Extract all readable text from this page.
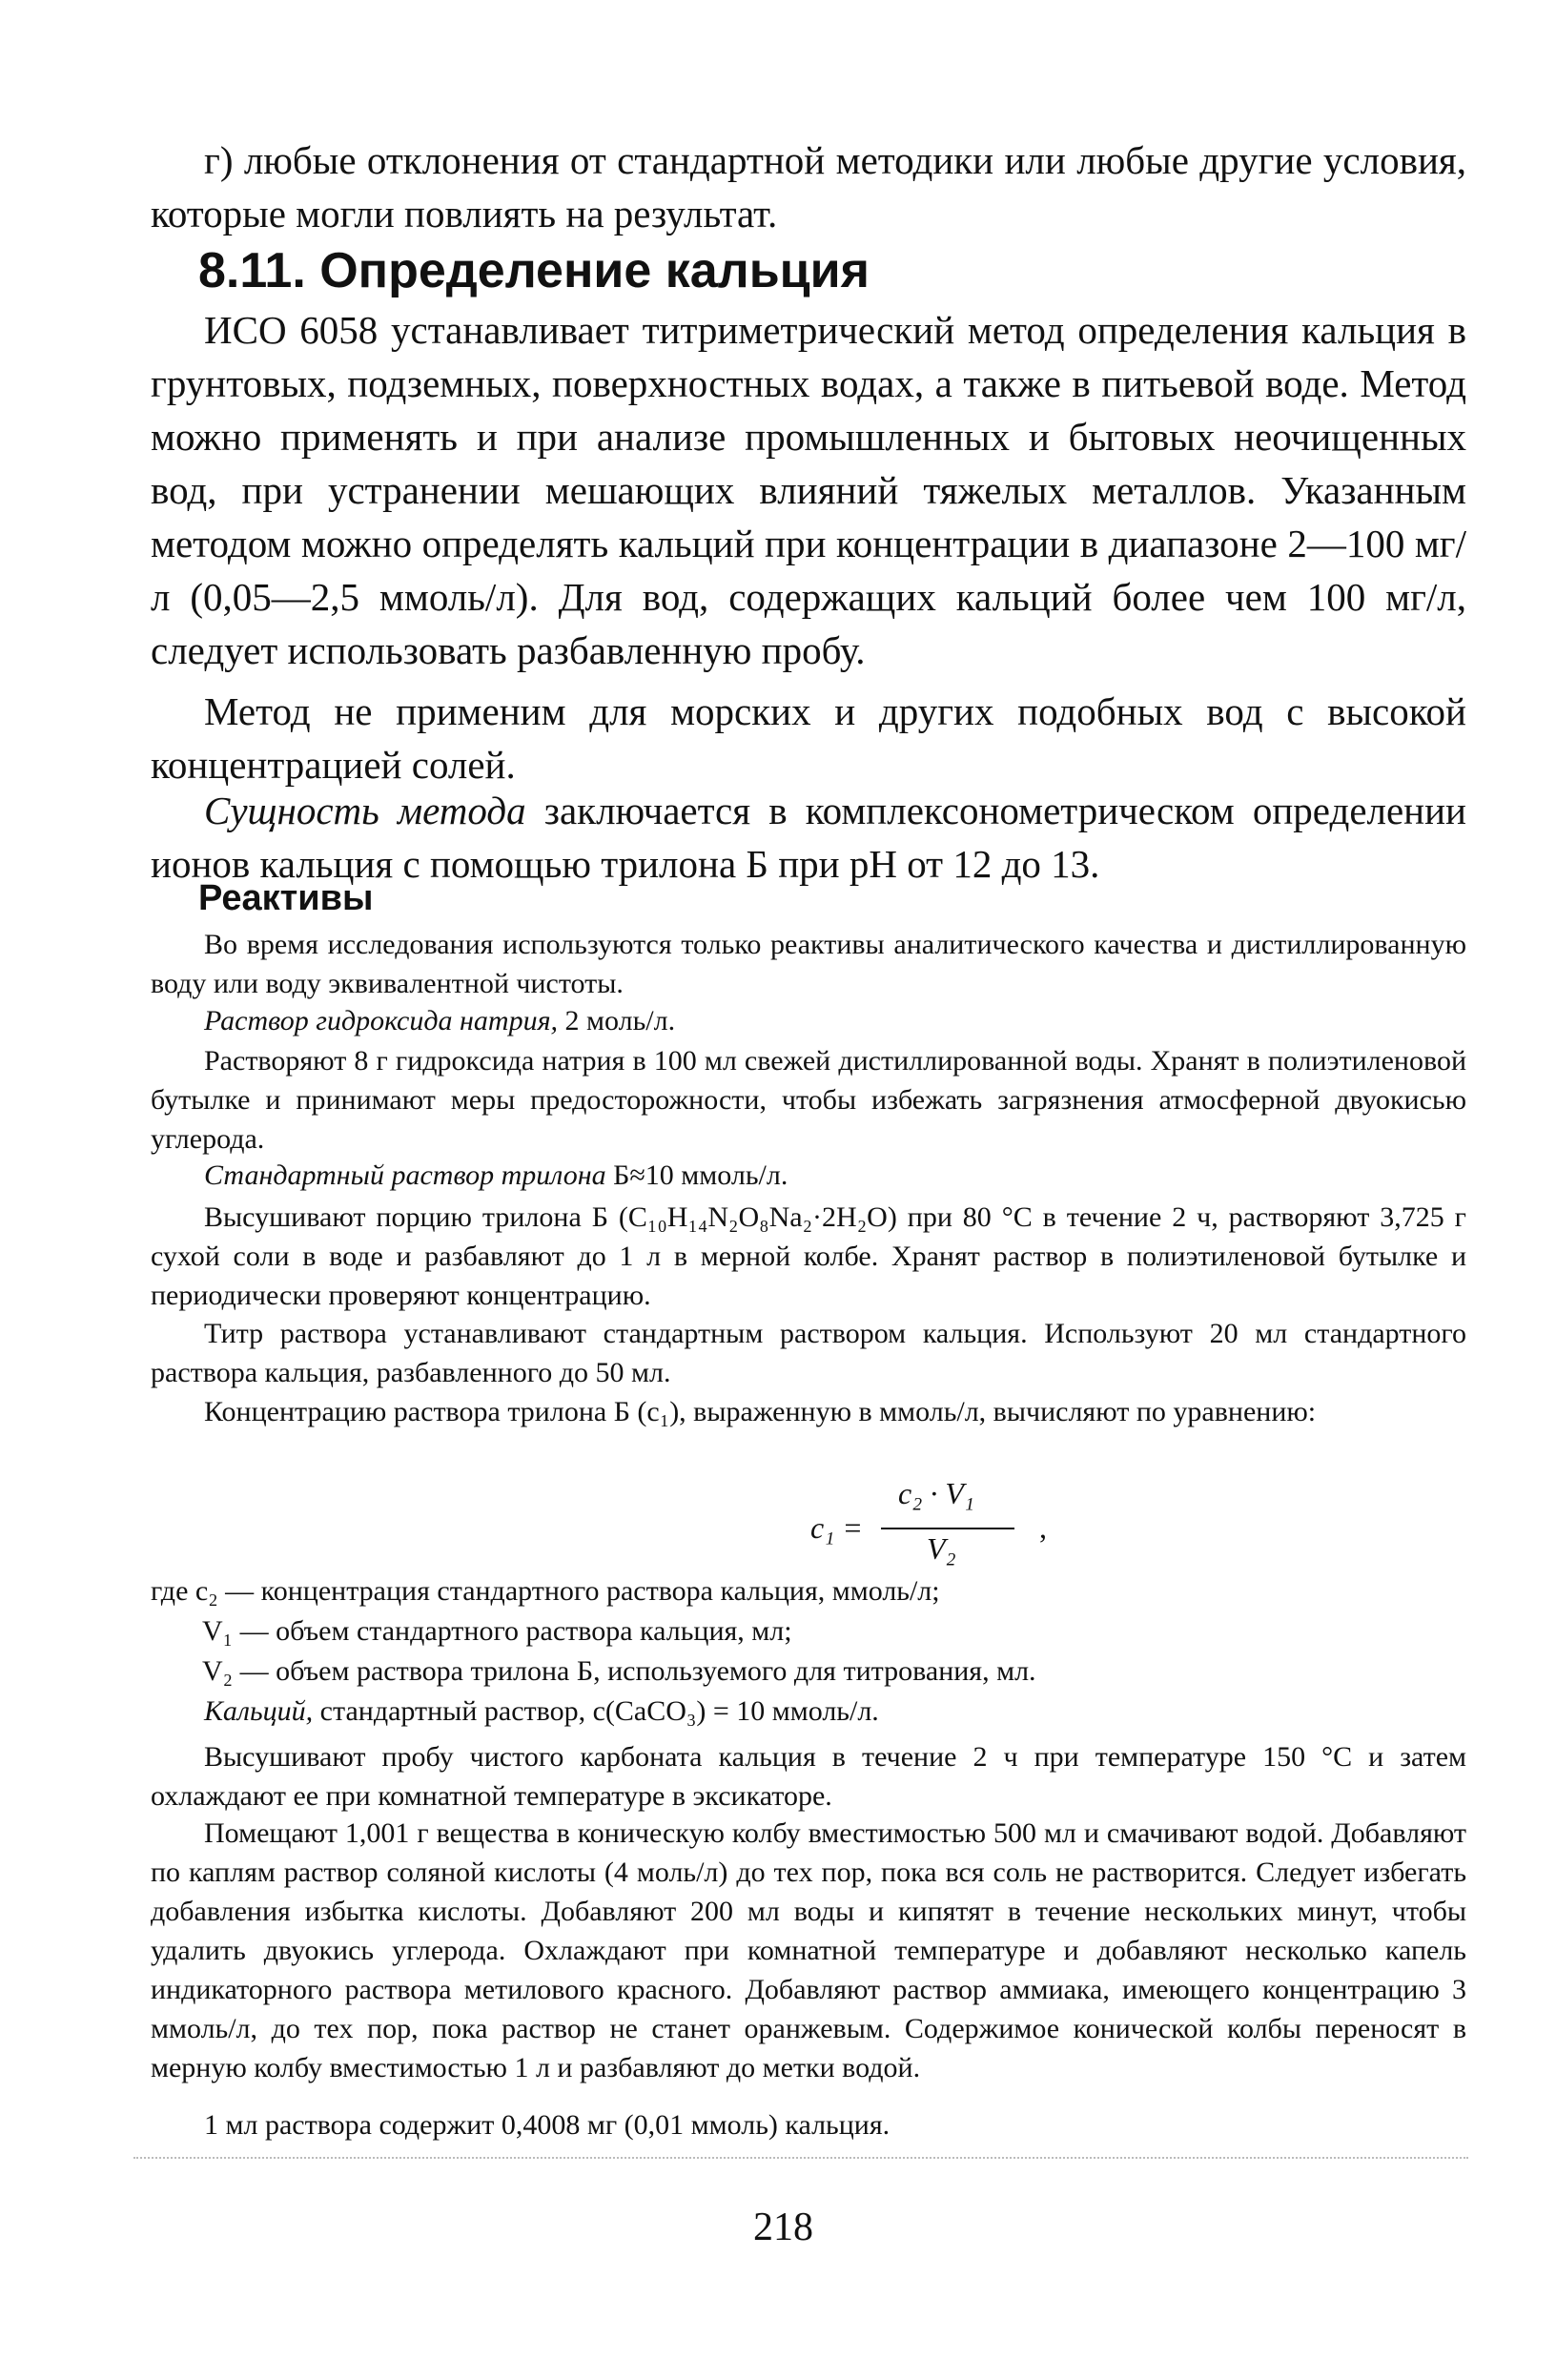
г) любые отклонения от стандартной методики или любые другие условия, которые могли повлиять на результат.

8.11. Определение кальция

ИСО 6058 устанавливает титриметрический метод определения кальция в грунтовых, подземных, поверхностных водах, а также в питьевой воде. Метод можно применять и при анализе промышленных и бытовых неочищенных вод, при устранении мешающих влияний тяжелых металлов. Указанным методом можно определять кальций при концентрации в диапазоне 2—100 мг/л (0,05—2,5 ммоль/л). Для вод, содержащих кальций более чем 100 мг/л, следует использовать разбавленную пробу.

Метод не применим для морских и других подобных вод с высокой концентрацией солей.

Сущность метода заключается в комплексонометрическом определении ионов кальция с помощью трилона Б при рН от 12 до 13.

Реактивы

Во время исследования используются только реактивы аналитического качества и дистиллированную воду или воду эквивалентной чистоты.

Раствор гидроксида натрия, 2 моль/л.

Растворяют 8 г гидроксида натрия в 100 мл свежей дистиллированной воды. Хранят в полиэтиленовой бутылке и принимают меры предосторожности, чтобы избежать загрязнения атмосферной двуокисью углерода.

Стандартный раствор трилона Б≈10 ммоль/л.

Высушивают порцию трилона Б (C₁₀H₁₄N₂O₈Na₂·2H₂O) при 80 °С в течение 2 ч, растворяют 3,725 г сухой соли в воде и разбавляют до 1 л в мерной колбе. Хранят раствор в полиэтиленовой бутылке и периодически проверяют концентрацию.

Титр раствора устанавливают стандартным раствором кальция. Используют 20 мл стандартного раствора кальция, разбавленного до 50 мл.

Концентрацию раствора трилона Б (c₁), выраженную в ммоль/л, вычисляют по уравнению:

c₁ =
c₂ · V₁
V₂
,

где c₂ — концентрация стандартного раствора кальция, ммоль/л;

V₁ — объем стандартного раствора кальция, мл;

V₂ — объем раствора трилона Б, используемого для титрования, мл.

Кальций, стандартный раствор, c(CaCO₃) = 10 ммоль/л.

Высушивают пробу чистого карбоната кальция в течение 2 ч при температуре 150 °С и затем охлаждают ее при комнатной температуре в эксикаторе.

Помещают 1,001 г вещества в коническую колбу вместимостью 500 мл и смачивают водой. Добавляют по каплям раствор соляной кислоты (4 моль/л) до тех пор, пока вся соль не растворится. Следует избегать добавления избытка кислоты. Добавляют 200 мл воды и кипятят в течение нескольких минут, чтобы удалить двуокись углерода. Охлаждают при комнатной температуре и добавляют несколько капель индикаторного раствора метилового красного. Добавляют раствор аммиака, имеющего концентрацию 3 ммоль/л, до тех пор, пока раствор не станет оранжевым. Содержимое конической колбы переносят в мерную колбу вместимостью 1 л и разбавляют до метки водой.

1 мл раствора содержит 0,4008 мг (0,01 ммоль) кальция.

218
